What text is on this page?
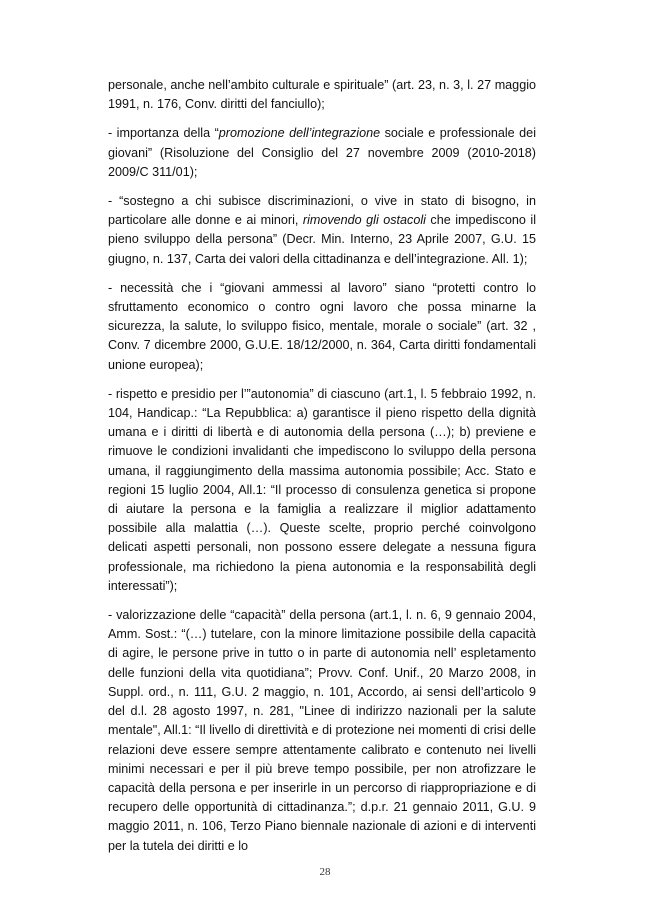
personale, anche nell’ambito culturale e spirituale” (art. 23, n. 3, l. 27 maggio 1991, n. 176, Conv. diritti del fanciullo);

- importanza della “promozione dell’integrazione sociale e professionale dei giovani” (Risoluzione del Consiglio del 27 novembre 2009 (2010-2018) 2009/C 311/01);

- “sostegno a chi subisce discriminazioni, o vive in stato di bisogno, in particolare alle donne e ai minori, rimovendo gli ostacoli che impediscono il pieno sviluppo della persona” (Decr. Min. Interno, 23 Aprile 2007, G.U. 15 giugno, n. 137, Carta dei valori della cittadinanza e dell’integrazione. All. 1);

- necessità che i “giovani ammessi al lavoro” siano “protetti contro lo sfruttamento economico o contro ogni lavoro che possa minarne la sicurezza, la salute, lo sviluppo fisico, mentale, morale o sociale” (art. 32 , Conv. 7 dicembre 2000, G.U.E. 18/12/2000, n. 364, Carta diritti fondamentali unione europea);

- rispetto e presidio per l’”autonomia” di ciascuno (art.1, l. 5 febbraio 1992, n. 104, Handicap.: “La Repubblica: a) garantisce il pieno rispetto della dignità umana e i diritti di libertà e di autonomia della persona (…); b) previene e rimuove le condizioni invalidanti che impediscono lo sviluppo della persona umana, il raggiungimento della massima autonomia possibile; Acc. Stato e regioni 15 luglio 2004, All.1: “Il processo di consulenza genetica si propone di aiutare la persona e la famiglia a realizzare il miglior adattamento possibile alla malattia (…). Queste scelte, proprio perché coinvolgono delicati aspetti personali, non possono essere delegate a nessuna figura professionale, ma richiedono la piena autonomia e la responsabilità degli interessati”);

- valorizzazione delle “capacità” della persona (art.1, l. n. 6, 9 gennaio 2004, Amm. Sost.: “(…) tutelare, con la minore limitazione possibile della capacità di agire, le persone prive in tutto o in parte di autonomia nell’ espletamento delle funzioni della vita quotidiana”; Provv. Conf. Unif., 20 Marzo 2008, in Suppl. ord., n. 111, G.U. 2 maggio, n. 101, Accordo, ai sensi dell’articolo 9 del d.l. 28 agosto 1997, n. 281, "Linee di indirizzo nazionali per la salute mentale", All.1: “Il livello di direttività e di protezione nei momenti di crisi delle relazioni deve essere sempre attentamente calibrato e contenuto nei livelli minimi necessari e per il più breve tempo possibile, per non atrofizzare le capacità della persona e per inserirle in un percorso di riappropriazione e di recupero delle opportunità di cittadinanza.”; d.p.r. 21 gennaio 2011, G.U. 9 maggio 2011, n. 106, Terzo Piano biennale nazionale di azioni e di interventi per la tutela dei diritti e lo

28
